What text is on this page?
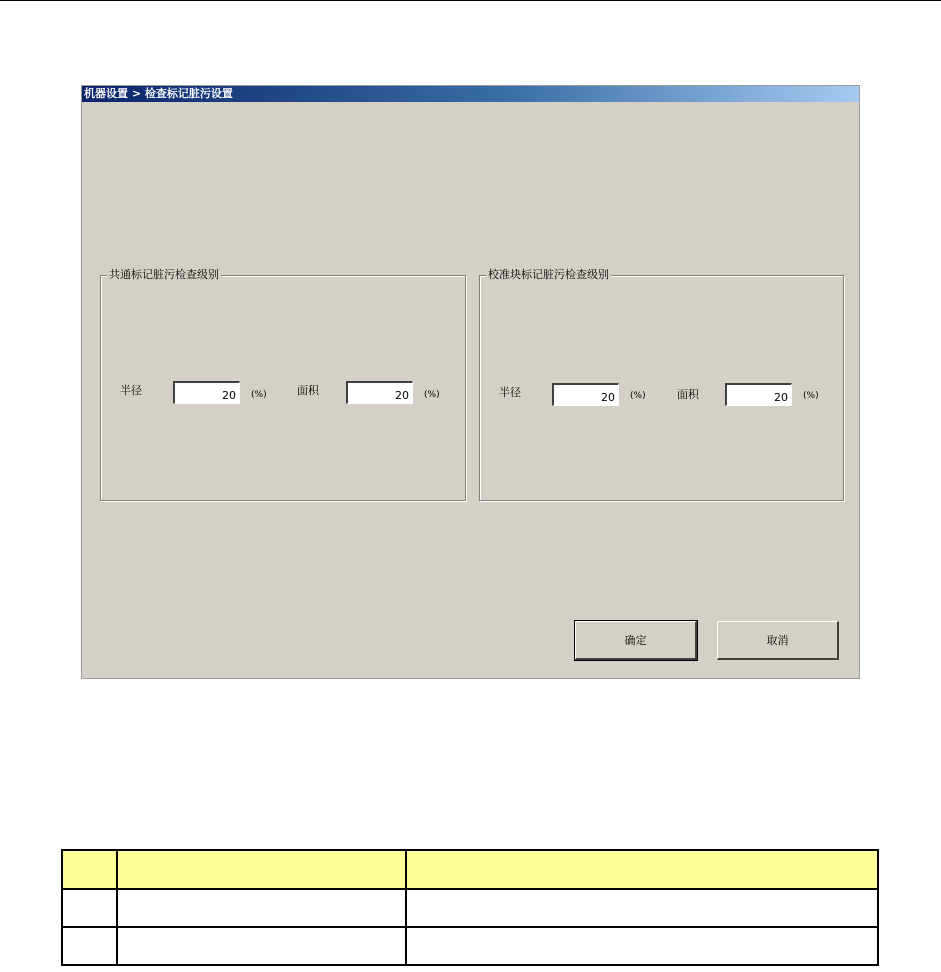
机器设置 > 检查标记脏污设置
共通标记脏污检查级别
半径
20	(%)	面积
20	(%)
校准块标记脏污检查级别
半径
20	(%)	面积
20	(%)
确定	取消
